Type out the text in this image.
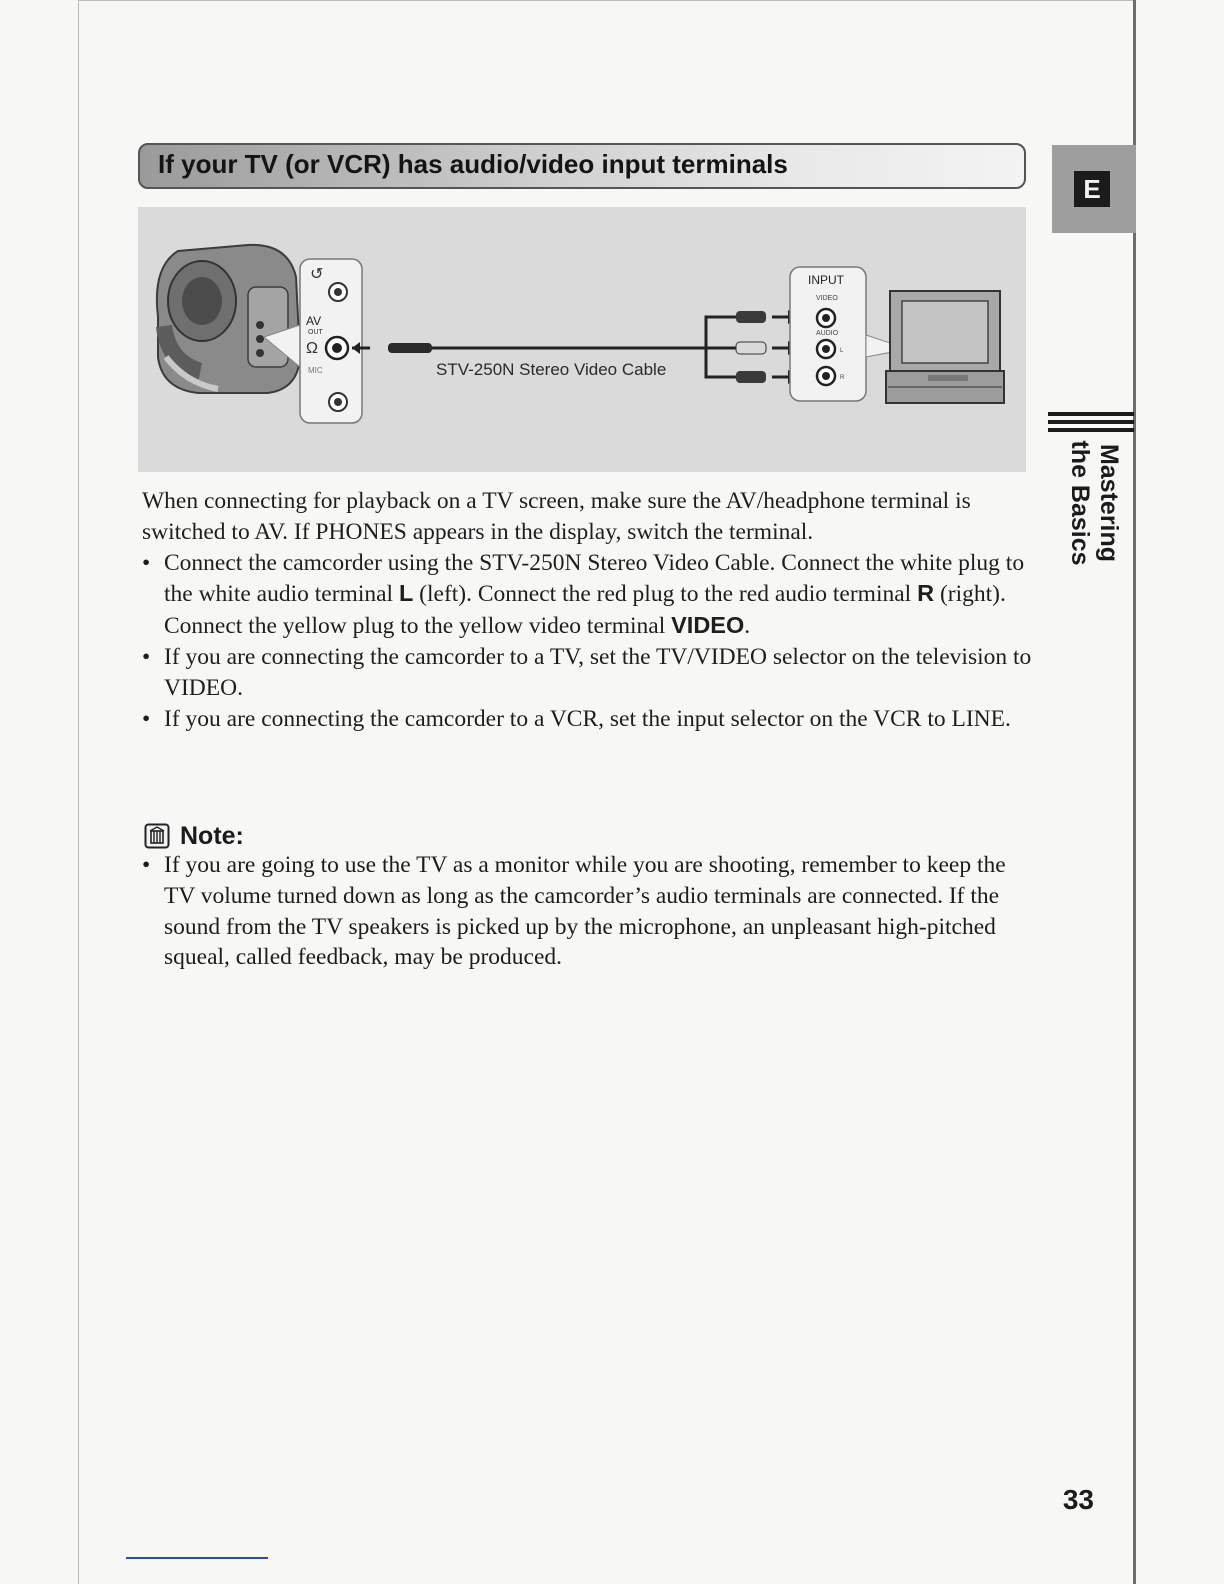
If your TV (or VCR) has audio/video input terminals
E
Mastering
the Basics
↺
AV
OUT
Ω
MIC	STV-250N Stereo Video Cable
INPUT
VIDEO
AUDIO
L
R

When connecting for playback on a TV screen, make sure the AV/headphone terminal is switched to AV. If PHONES appears in the display, switch the terminal.

• Connect the camcorder using the STV-250N Stereo Video Cable. Connect the white plug to the white audio terminal L (left). Connect the red plug to the red audio terminal R (right). Connect the yellow plug to the yellow video terminal VIDEO.
• If you are connecting the camcorder to a TV, set the TV/VIDEO selector on the television to VIDEO.
• If you are connecting the camcorder to a VCR, set the input selector on the VCR to LINE.
Note:
• If you are going to use the TV as a monitor while you are shooting, remember to keep the TV volume turned down as long as the camcorder’s audio terminals are connected. If the sound from the TV speakers is picked up by the microphone, an unpleasant high-pitched squeal, called feedback, may be produced.
33
